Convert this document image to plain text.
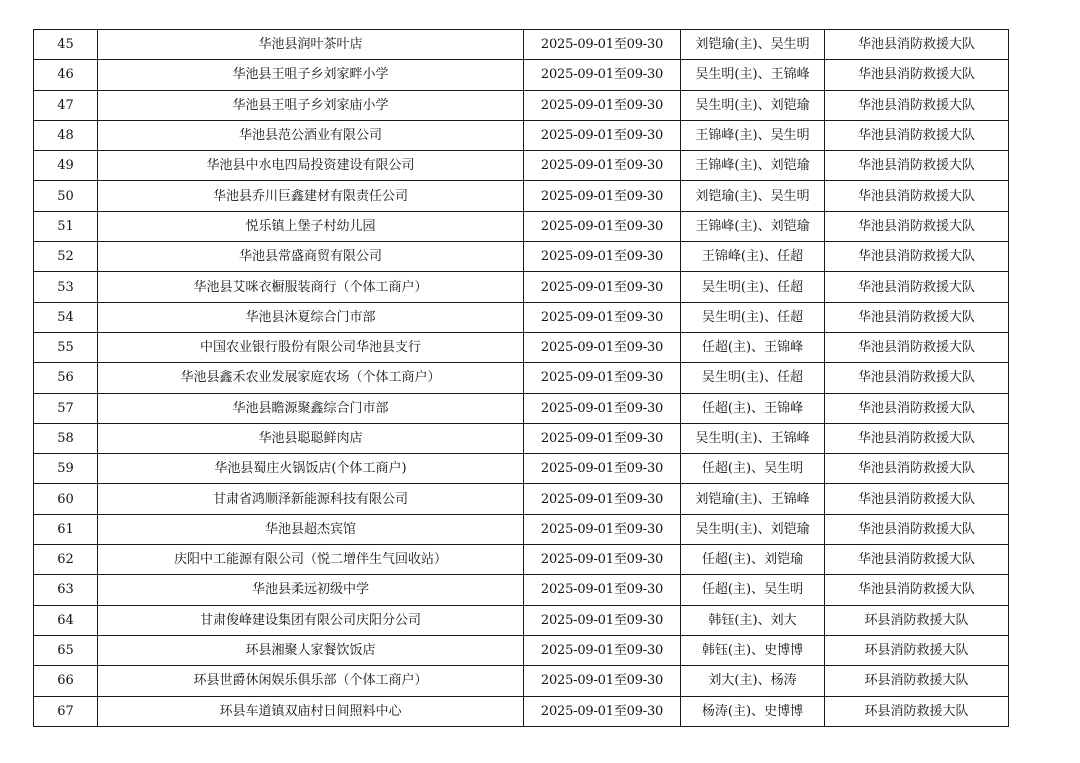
45	华池县润叶茶叶店	2025-09-01至09-30	刘铠瑜(主)、吴生明	华池县消防救援大队
46	华池县王咀子乡刘家畔小学	2025-09-01至09-30	吴生明(主)、王锦峰	华池县消防救援大队
47	华池县王咀子乡刘家庙小学	2025-09-01至09-30	吴生明(主)、刘铠瑜	华池县消防救援大队
48	华池县范公酒业有限公司	2025-09-01至09-30	王锦峰(主)、吴生明	华池县消防救援大队
49	华池县中水电四局投资建设有限公司	2025-09-01至09-30	王锦峰(主)、刘铠瑜	华池县消防救援大队
50	华池县乔川巨鑫建材有限责任公司	2025-09-01至09-30	刘铠瑜(主)、吴生明	华池县消防救援大队
51	悦乐镇上堡子村幼儿园	2025-09-01至09-30	王锦峰(主)、刘铠瑜	华池县消防救援大队
52	华池县常盛商贸有限公司	2025-09-01至09-30	王锦峰(主)、任超	华池县消防救援大队
53	华池县艾咪衣橱服装商行（个体工商户）	2025-09-01至09-30	吴生明(主)、任超	华池县消防救援大队
54	华池县沐夏综合门市部	2025-09-01至09-30	吴生明(主)、任超	华池县消防救援大队
55	中国农业银行股份有限公司华池县支行	2025-09-01至09-30	任超(主)、王锦峰	华池县消防救援大队
56	华池县鑫禾农业发展家庭农场（个体工商户）	2025-09-01至09-30	吴生明(主)、任超	华池县消防救援大队
57	华池县瞻源聚鑫综合门市部	2025-09-01至09-30	任超(主)、王锦峰	华池县消防救援大队
58	华池县聪聪鲜肉店	2025-09-01至09-30	吴生明(主)、王锦峰	华池县消防救援大队
59	华池县蜀庄火锅饭店(个体工商户)	2025-09-01至09-30	任超(主)、吴生明	华池县消防救援大队
60	甘肃省鸿顺泽新能源科技有限公司	2025-09-01至09-30	刘铠瑜(主)、王锦峰	华池县消防救援大队
61	华池县超杰宾馆	2025-09-01至09-30	吴生明(主)、刘铠瑜	华池县消防救援大队
62	庆阳中工能源有限公司（悦二增伴生气回收站）	2025-09-01至09-30	任超(主)、刘铠瑜	华池县消防救援大队
63	华池县柔远初级中学	2025-09-01至09-30	任超(主)、吴生明	华池县消防救援大队
64	甘肃俊峰建设集团有限公司庆阳分公司	2025-09-01至09-30	韩钰(主)、刘大	环县消防救援大队
65	环县湘聚人家餐饮饭店	2025-09-01至09-30	韩钰(主)、史博博	环县消防救援大队
66	环县世爵休闲娱乐俱乐部（个体工商户）	2025-09-01至09-30	刘大(主)、杨涛	环县消防救援大队
67	环县车道镇双庙村日间照料中心	2025-09-01至09-30	杨涛(主)、史博博	环县消防救援大队
